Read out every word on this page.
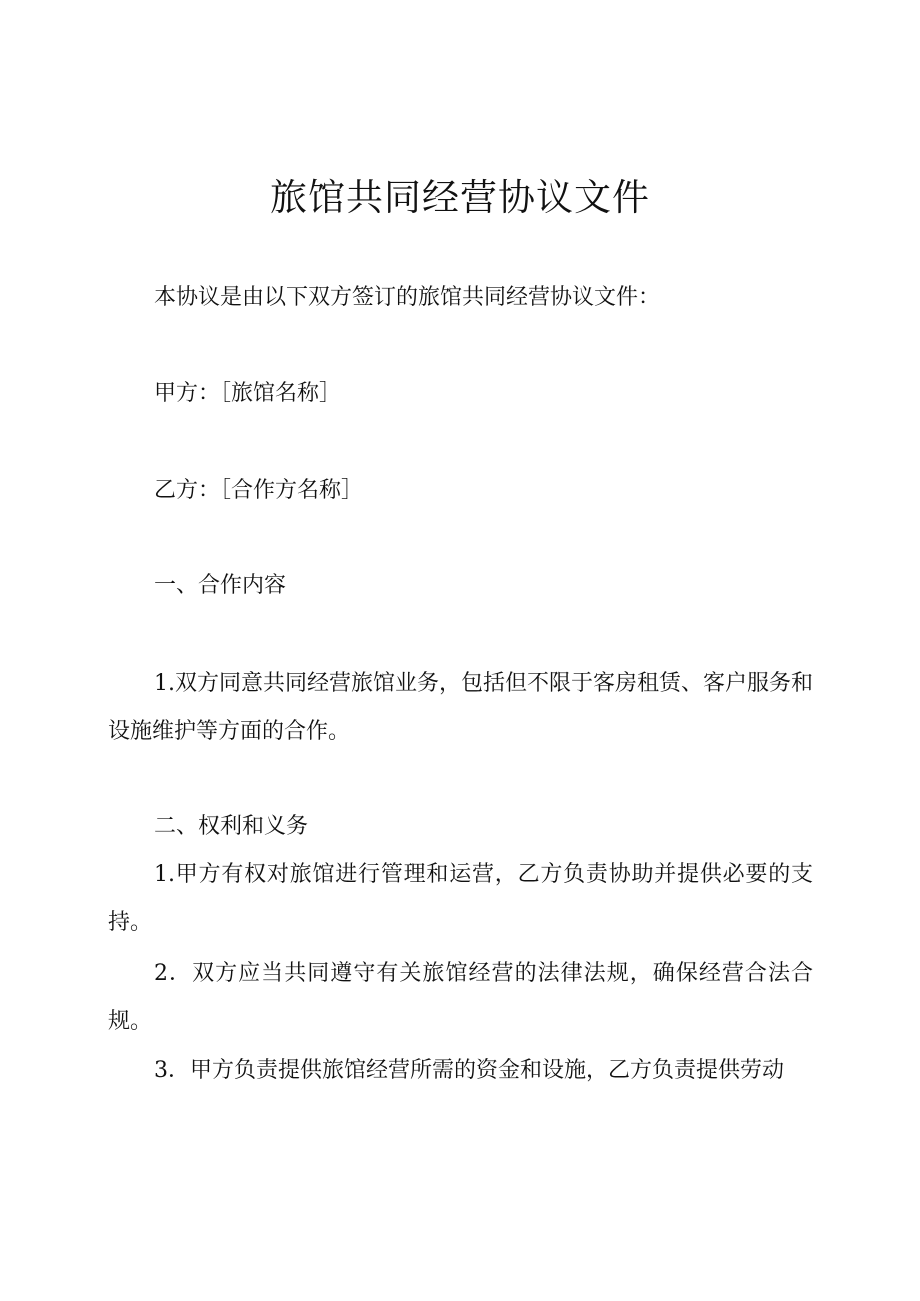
旅馆共同经营协议文件
本协议是由以下双方签订的旅馆共同经营协议文件：
甲方：［旅馆名称］
乙方：［合作方名称］
一、合作内容
1.双方同意共同经营旅馆业务，包括但不限于客房租赁、客户服务和设施维护等方面的合作。
二、权利和义务
1.甲方有权对旅馆进行管理和运营，乙方负责协助并提供必要的支持。
2．双方应当共同遵守有关旅馆经营的法律法规，确保经营合法合规。
3．甲方负责提供旅馆经营所需的资金和设施，乙方负责提供劳动
